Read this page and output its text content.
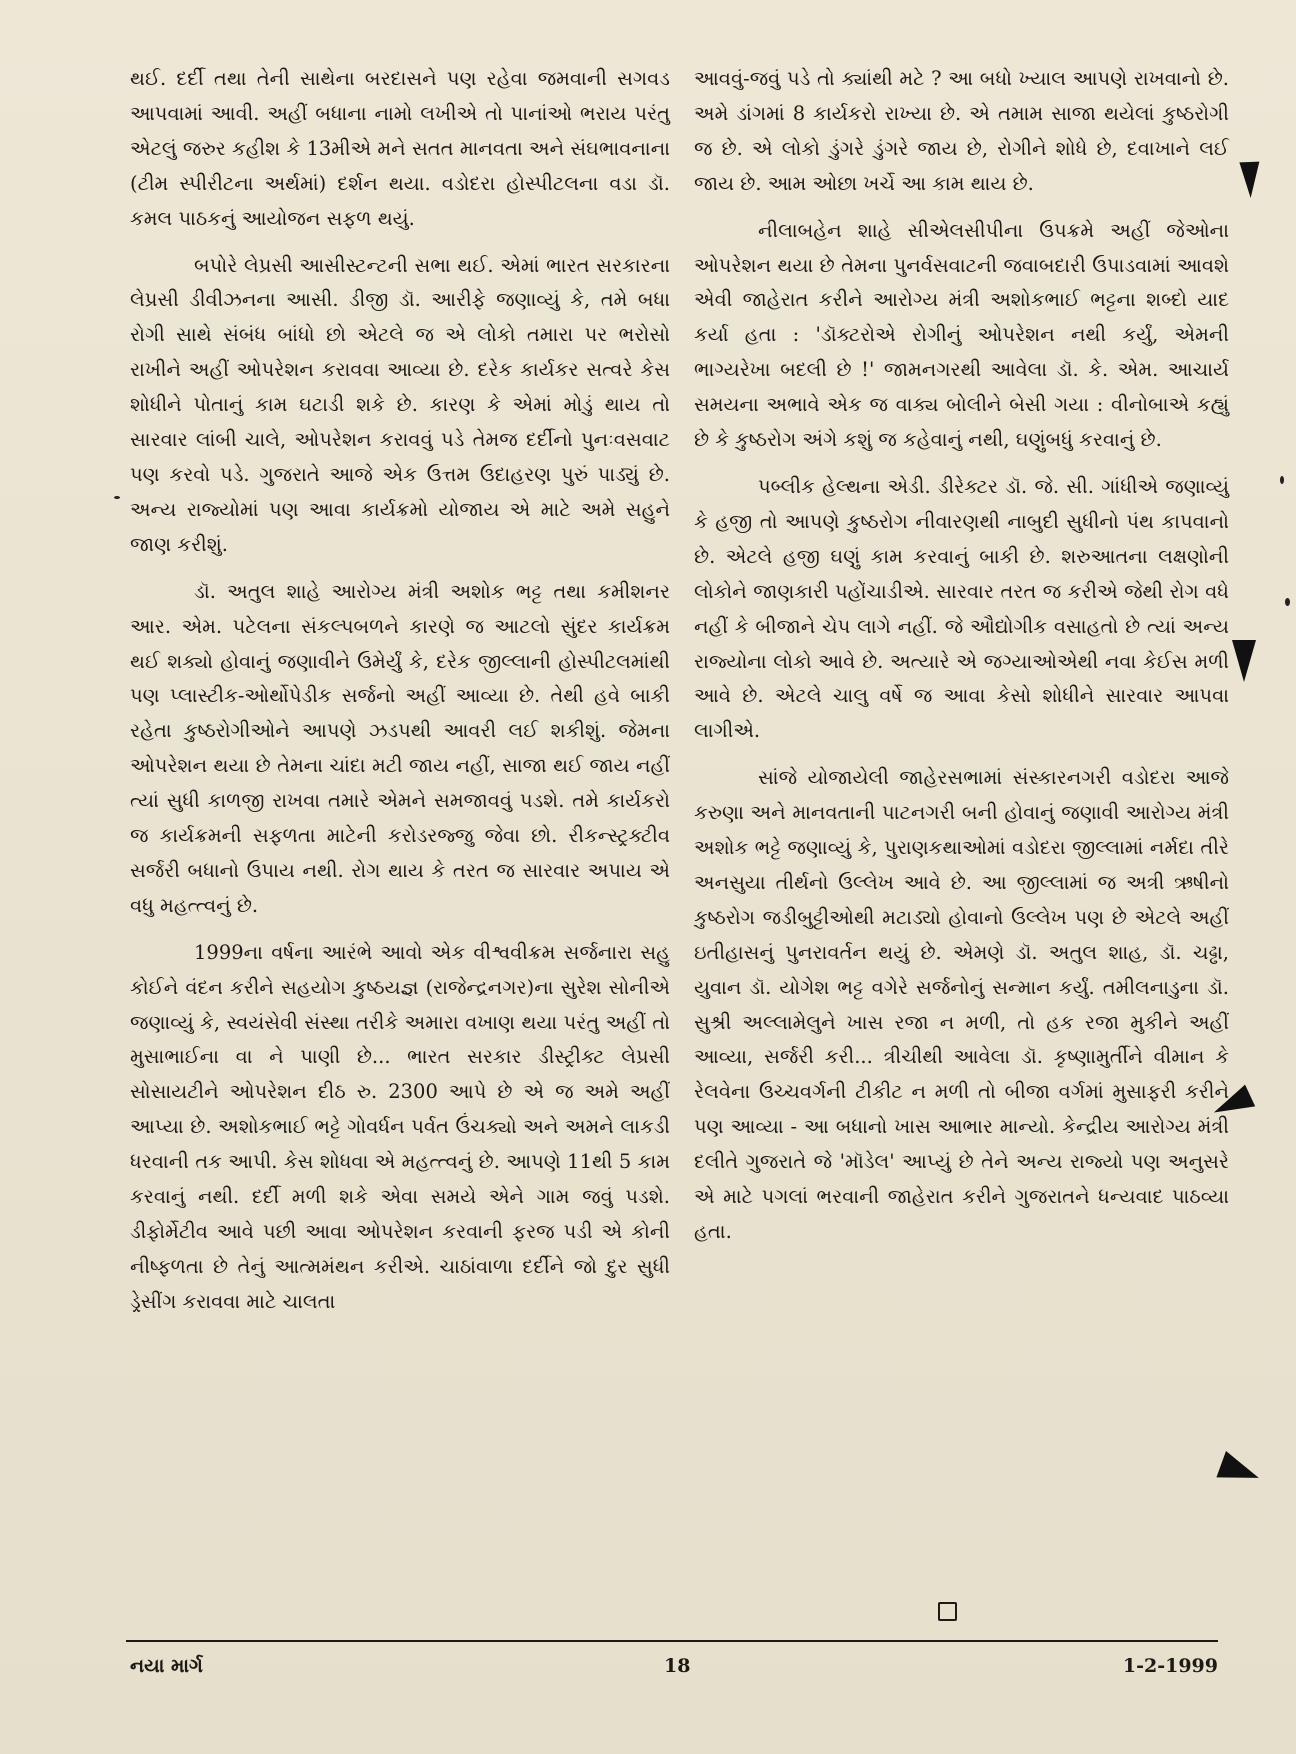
થઈ. દર્દી તથા તેની સાથેના બરદાસને પણ રહેવા જમવાની સગવડ આપવામાં આવી. અહીં બધાના નામો લખીએ તો પાનાંઓ ભરાય પરંતુ એટલું જરુર કહીશ કે 13મીએ મને સતત માનવતા અને સંઘભાવનાના (ટીમ સ્પીરીટના અર્થમાં) દર્શન થયા. વડોદરા હોસ્પીટલના વડા ડૉ. કમલ પાઠકનું આયોજન સફળ થયું.

બપોરે લેપ્રસી આસીસ્ટન્ટની સભા થઈ. એમાં ભારત સરકારના લેપ્રસી ડીવીઝનના આસી. ડીજી ડૉ. આરીફે જણાવ્યું કે, તમે બધા રોગી સાથે સંબંધ બાંધો છો એટલે જ એ લોકો તમારા પર ભરોસો રાખીને અહીં ઓપરેશન કરાવવા આવ્યા છે. દરેક કાર્યકર સત્વરે કેસ શોધીને પોતાનું કામ ઘટાડી શકે છે. કારણ કે એમાં મોડું થાય તો સારવાર લાંબી ચાલે, ઓપરેશન કરાવવું પડે તેમજ દર્દીનો પુનઃવસવાટ પણ કરવો પડે. ગુજરાતે આજે એક ઉત્તમ ઉદાહરણ પુરું પાડ્યું છે. અન્ય રાજ્યોમાં પણ આવા કાર્યક્રમો યોજાય એ માટે અમે સહુને જાણ કરીશું.

ડૉ. અતુલ શાહે આરોગ્ય મંત્રી અશોક ભટ્ટ તથા કમીશનર આર. એમ. પટેલના સંકલ્પબળને કારણે જ આટલો સુંદર કાર્યક્રમ થઈ શક્યો હોવાનું જણાવીને ઉમેર્યું કે, દરેક જીલ્લાની હોસ્પીટલમાંથી પણ પ્લાસ્ટીક-ઓર્થોપેડીક સર્જનો અહીં આવ્યા છે. તેથી હવે બાકી રહેતા કુષ્ઠરોગીઓને આપણે ઝડપથી આવરી લઈ શકીશું. જેમના ઓપરેશન થયા છે તેમના ચાંદા મટી જાય નહીં, સાજા થઈ જાય નહીં ત્યાં સુધી કાળજી રાખવા તમારે એમને સમજાવવું પડશે. તમે કાર્યકરો જ કાર્યક્રમની સફળતા માટેની કરોડરજ્જુ જેવા છો. રીકન્સ્ટ્રક્ટીવ સર્જરી બધાનો ઉપાય નથી. રોગ થાય કે તરત જ સારવાર અપાય એ વધુ મહત્ત્વનું છે.

1999ના વર્ષના આરંભે આવો એક વીશ્વવીક્રમ સર્જનારા સહુ કોઈને વંદન કરીને સહયોગ કુષ્ઠયજ્ઞ (રાજેન્દ્રનગર)ના સુરેશ સોનીએ જણાવ્યું કે, સ્વયંસેવી સંસ્થા તરીકે અમારા વખાણ થયા પરંતુ અહીં તો મુસાભાઈના વા ને પાણી છે... ભારત સરકાર ડીસ્ટ્રીક્ટ લેપ્રસી સોસાયટીને ઓપરેશન દીઠ રુ. 2300 આપે છે એ જ અમે અહીં આપ્યા છે. અશોકભાઈ ભટ્ટે ગોવર્ધન પર્વત ઉંચક્યો અને અમને લાકડી ધરવાની તક આપી. કેસ શોધવા એ મહત્ત્વનું છે. આપણે 11થી 5 કામ કરવાનું નથી. દર્દી મળી શકે એવા સમયે એને ગામ જવું પડશે. ડીફોર્મેટીવ આવે પછી આવા ઓપરેશન કરવાની ફરજ પડી એ કોની નીષ્ફળતા છે તેનું આત્મમંથન કરીએ. ચાઠાંવાળા દર્દીને જો દુર સુધી ડ્રેસીંગ કરાવવા માટે ચાલતા

આવવું-જવું પડે તો ક્યાંથી મટે ? આ બધો ખ્યાલ આપણે રાખવાનો છે. અમે ડાંગમાં 8 કાર્યકરો રાખ્યા છે. એ તમામ સાજા થયેલાં કુષ્ઠરોગી જ છે. એ લોકો ડુંગરે ડુંગરે જાય છે, રોગીને શોધે છે, દવાખાને લઈ જાય છે. આમ ઓછા ખર્ચે આ કામ થાય છે.

નીલાબહેન શાહે સીએલસીપીના ઉપક્રમે અહીં જેઓના ઓપરેશન થયા છે તેમના પુનર્વસવાટની જવાબદારી ઉપાડવામાં આવશે એવી જાહેરાત કરીને આરોગ્ય મંત્રી અશોકભાઈ ભટ્ટના શબ્દો યાદ કર્યા હતા : 'ડૉક્ટરોએ રોગીનું ઓપરેશન નથી કર્યું, એમની ભાગ્યરેખા બદલી છે !' જામનગરથી આવેલા ડૉ. કે. એમ. આચાર્ય સમયના અભાવે એક જ વાક્ય બોલીને બેસી ગયા : વીનોબાએ કહ્યું છે કે કુષ્ઠરોગ અંગે કશું જ કહેવાનું નથી, ઘણુંબધું કરવાનું છે.

પબ્લીક હેલ્થના એડી. ડીરેક્ટર ડૉ. જે. સી. ગાંધીએ જણાવ્યું કે હજી તો આપણે કુષ્ઠરોગ નીવારણથી નાબુદી સુધીનો પંથ કાપવાનો છે. એટલે હજી ઘણું કામ કરવાનું બાકી છે. શરુઆતના લક્ષણોની લોકોને જાણકારી પહોંચાડીએ. સારવાર તરત જ કરીએ જેથી રોગ વધે નહીં કે બીજાને ચેપ લાગે નહીં. જે ઔદ્યોગીક વસાહતો છે ત્યાં અન્ય રાજ્યોના લોકો આવે છે. અત્યારે એ જગ્યાઓએથી નવા કેઈસ મળી આવે છે. એટલે ચાલુ વર્ષે જ આવા કેસો શોધીને સારવાર આપવા લાગીએ.

સાંજે યોજાયેલી જાહેરસભામાં સંસ્કારનગરી વડોદરા આજે કરુણા અને માનવતાની પાટનગરી બની હોવાનું જણાવી આરોગ્ય મંત્રી અશોક ભટ્ટે જણાવ્યું કે, પુરાણકથાઓમાં વડોદરા જીલ્લામાં નર્મદા તીરે અનસુયા તીર્થનો ઉલ્લેખ આવે છે. આ જીલ્લામાં જ અત્રી ઋષીનો કુષ્ઠરોગ જડીબુટ્ટીઓથી મટાડ્યો હોવાનો ઉલ્લેખ પણ છે એટલે અહીં ઇતીહાસનું પુનરાવર્તન થયું છે. એમણે ડૉ. અતુલ શાહ, ડૉ. ચઢ્ઢા, યુવાન ડૉ. યોગેશ ભટ્ટ વગેરે સર્જનોનું સન્માન કર્યું. તમીલનાડુના ડૉ. સુશ્રી અલ્લામેલુને ખાસ રજા ન મળી, તો હક રજા મુકીને અહીં આવ્યા, સર્જરી કરી... ત્રીચીથી આવેલા ડૉ. કૃષ્ણામુર્તીને વીમાન કે રેલવેના ઉચ્ચવર્ગની ટીકીટ ન મળી તો બીજા વર્ગમાં મુસાફરી કરીને પણ આવ્યા - આ બધાનો ખાસ આભાર માન્યો. કેન્દ્રીય આરોગ્ય મંત્રી દલીતે ગુજરાતે જે 'મૉડેલ' આપ્યું છે તેને અન્ય રાજ્યો પણ અનુસરે એ માટે પગલાં ભરવાની જાહેરાત કરીને ગુજરાતને ધન્યવાદ પાઠવ્યા હતા.

નયા માર્ગ	18	1-2-1999
